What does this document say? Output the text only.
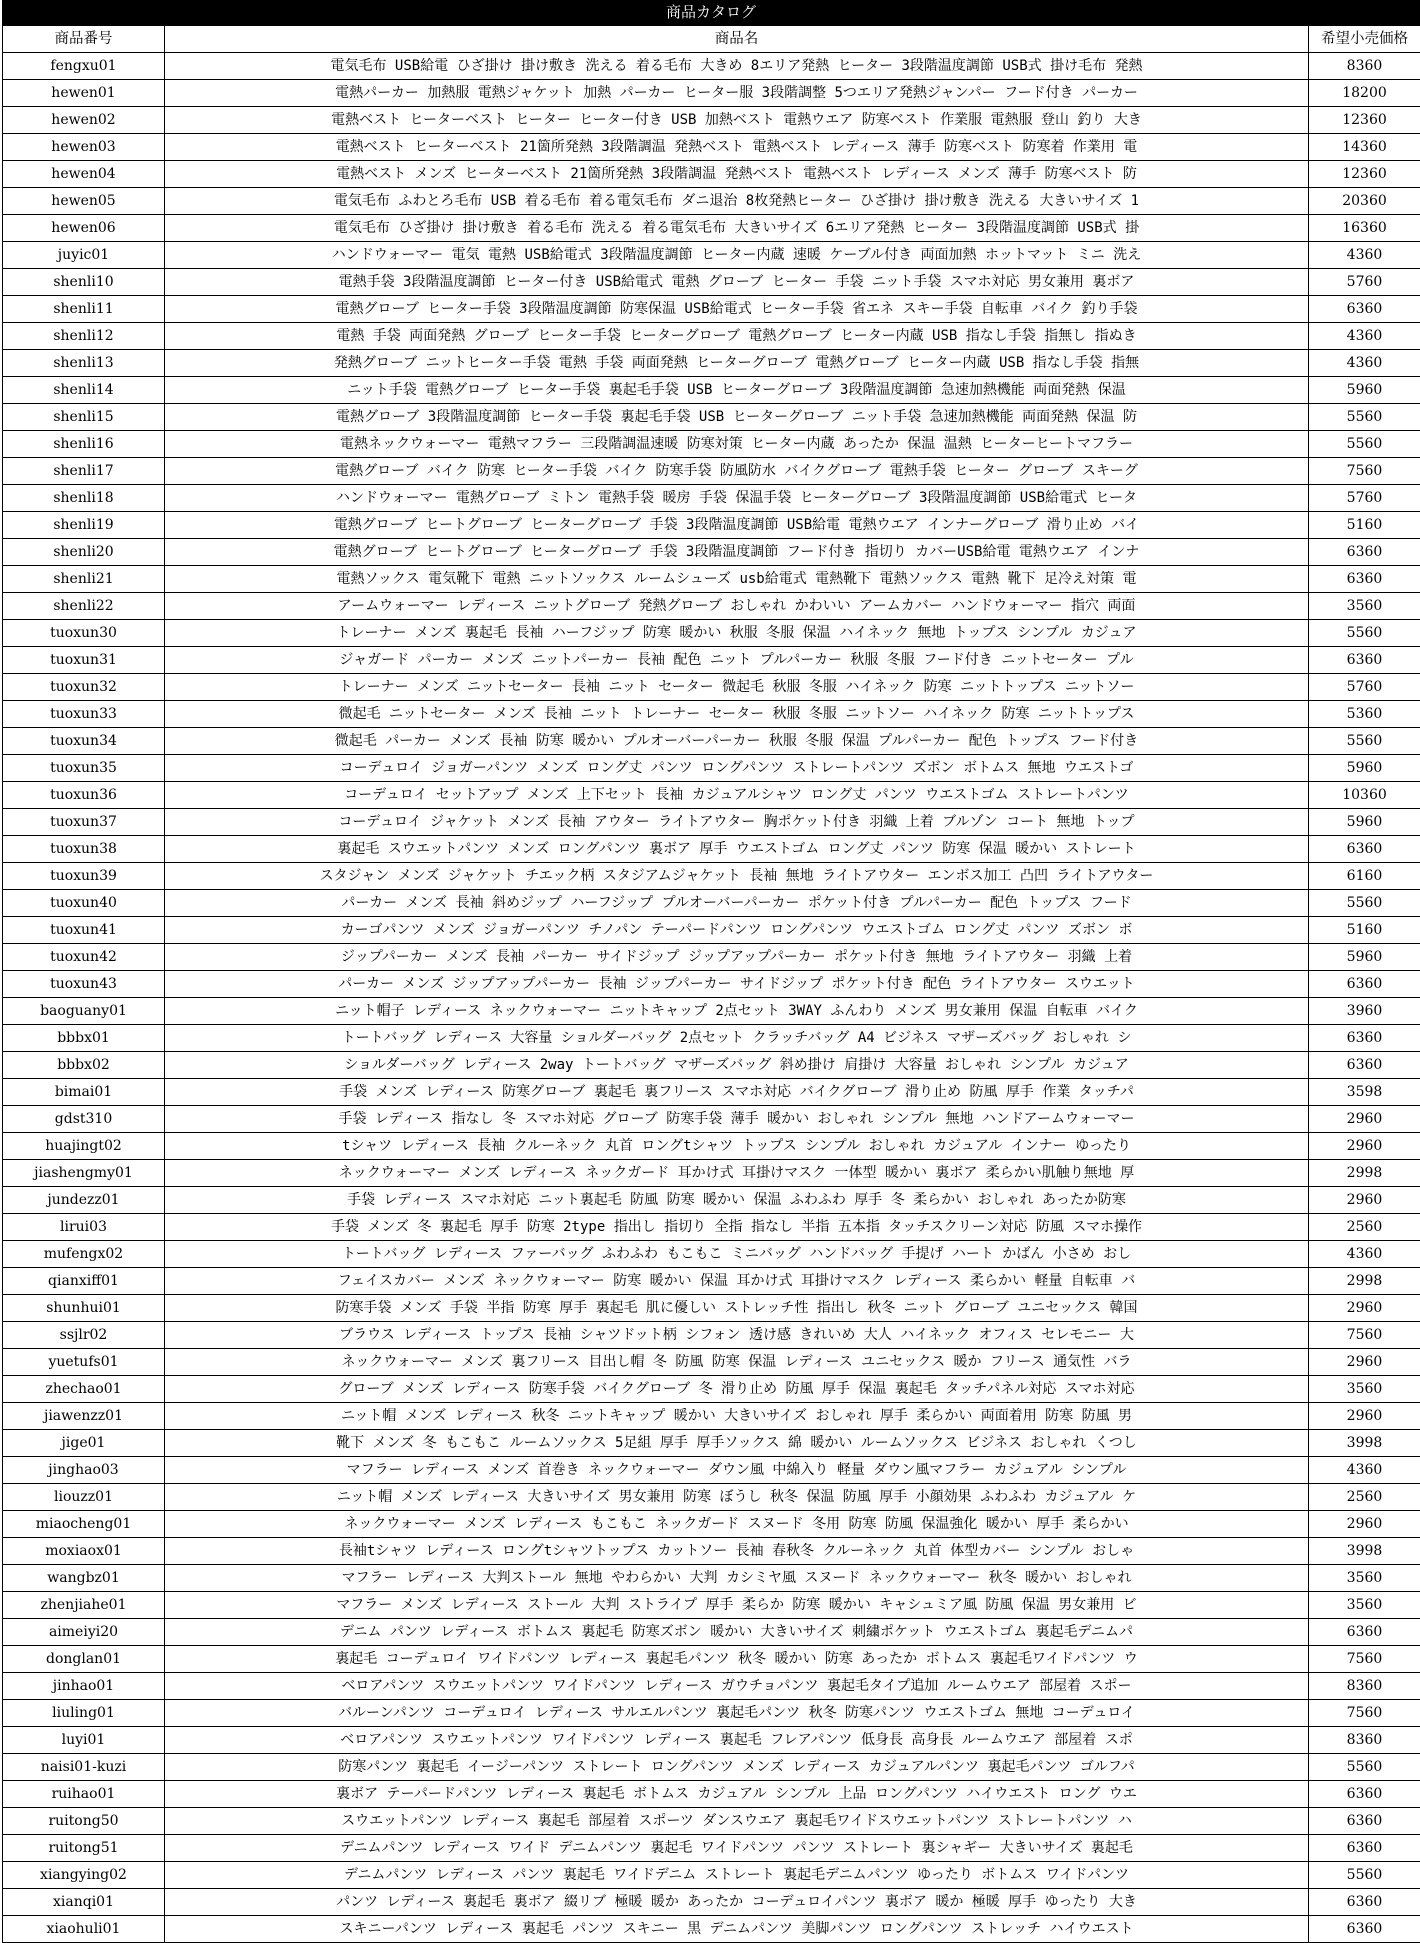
商品カタログ
商品番号	商品名	希望小売価格
fengxu01	電気毛布 USB給電 ひざ掛け 掛け敷き 洗える 着る毛布 大きめ 8エリア発熱 ヒーター 3段階温度調節 USB式 掛け毛布 発熱	8360
hewen01	電熱パーカー 加熱服 電熱ジャケット 加熱 パーカー ヒーター服 3段階調整 5つエリア発熱ジャンパー フード付き パーカー	18200
hewen02	電熱ベスト ヒーターベスト ヒーター ヒーター付き USB 加熱ベスト 電熱ウエア 防寒ベスト 作業服 電熱服 登山 釣り 大き	12360
hewen03	電熱ベスト ヒーターベスト 21箇所発熱 3段階調温 発熱ベスト 電熱ベスト レディース 薄手 防寒ベスト 防寒着 作業用 電	14360
hewen04	電熱ベスト メンズ ヒーターベスト 21箇所発熱 3段階調温 発熱ベスト 電熱ベスト レディース メンズ 薄手 防寒ベスト 防	12360
hewen05	電気毛布 ふわとろ毛布 USB 着る毛布 着る電気毛布 ダニ退治 8枚発熱ヒーター ひざ掛け 掛け敷き 洗える 大きいサイズ 1	20360
hewen06	電気毛布 ひざ掛け 掛け敷き 着る毛布 洗える 着る電気毛布 大きいサイズ 6エリア発熱 ヒーター 3段階温度調節 USB式 掛	16360
juyic01	ハンドウォーマー 電気 電熱 USB給電式 3段階温度調節 ヒーター内蔵 速暖 ケーブル付き 両面加熱 ホットマット ミニ 洗え	4360
shenli10	電熱手袋 3段階温度調節 ヒーター付き USB給電式 電熱 グローブ ヒーター 手袋 ニット手袋 スマホ対応 男女兼用 裏ボア	5760
shenli11	電熱グローブ ヒーター手袋 3段階温度調節 防寒保温 USB給電式 ヒーター手袋 省エネ スキー手袋 自転車 バイク 釣り手袋	6360
shenli12	電熱 手袋 両面発熱 グローブ ヒーター手袋 ヒーターグローブ 電熱グローブ ヒーター内蔵 USB 指なし手袋 指無し 指ぬき	4360
shenli13	発熱グローブ ニットヒーター手袋 電熱 手袋 両面発熱 ヒーターグローブ 電熱グローブ ヒーター内蔵 USB 指なし手袋 指無	4360
shenli14	ニット手袋 電熱グローブ ヒーター手袋 裏起毛手袋 USB ヒーターグローブ 3段階温度調節 急速加熱機能 両面発熱 保温	5960
shenli15	電熱グローブ 3段階温度調節 ヒーター手袋 裏起毛手袋 USB ヒーターグローブ ニット手袋 急速加熱機能 両面発熱 保温 防	5560
shenli16	電熱ネックウォーマー 電熱マフラー 三段階調温速暖 防寒対策 ヒーター内蔵 あったか 保温 温熱 ヒーターヒートマフラー	5560
shenli17	電熱グローブ バイク 防寒 ヒーター手袋 バイク 防寒手袋 防風防水 バイクグローブ 電熱手袋 ヒーター グローブ スキーグ	7560
shenli18	ハンドウォーマー 電熱グローブ ミトン 電熱手袋 暖房 手袋 保温手袋 ヒーターグローブ 3段階温度調節 USB給電式 ヒータ	5760
shenli19	電熱グローブ ヒートグローブ ヒーターグローブ 手袋 3段階温度調節 USB給電 電熱ウエア インナーグローブ 滑り止め バイ	5160
shenli20	電熱グローブ ヒートグローブ ヒーターグローブ 手袋 3段階温度調節 フード付き 指切り カバーUSB給電 電熱ウエア インナ	6360
shenli21	電熱ソックス 電気靴下 電熱 ニットソックス ルームシューズ usb給電式 電熱靴下 電熱ソックス 電熱 靴下 足冷え対策 電	6360
shenli22	アームウォーマー レディース ニットグローブ 発熱グローブ おしゃれ かわいい アームカバー ハンドウォーマー 指穴 両面	3560
tuoxun30	トレーナー メンズ 裏起毛 長袖 ハーフジップ 防寒 暖かい 秋服 冬服 保温 ハイネック 無地 トップス シンプル カジュア	5560
tuoxun31	ジャガード パーカー メンズ ニットパーカー 長袖 配色 ニット プルパーカー 秋服 冬服 フード付き ニットセーター プル	6360
tuoxun32	トレーナー メンズ ニットセーター 長袖 ニット セーター 微起毛 秋服 冬服 ハイネック 防寒 ニットトップス ニットソー	5760
tuoxun33	微起毛 ニットセーター メンズ 長袖 ニット トレーナー セーター 秋服 冬服 ニットソー ハイネック 防寒 ニットトップス	5360
tuoxun34	微起毛 パーカー メンズ 長袖 防寒 暖かい プルオーバーパーカー 秋服 冬服 保温 プルパーカー 配色 トップス フード付き	5560
tuoxun35	コーデュロイ ジョガーパンツ メンズ ロング丈 パンツ ロングパンツ ストレートパンツ ズボン ボトムス 無地 ウエストゴ	5960
tuoxun36	コーデュロイ セットアップ メンズ 上下セット 長袖 カジュアルシャツ ロング丈 パンツ ウエストゴム ストレートパンツ	10360
tuoxun37	コーデュロイ ジャケット メンズ 長袖 アウター ライトアウター 胸ポケット付き 羽織 上着 ブルゾン コート 無地 トップ	5960
tuoxun38	裏起毛 スウエットパンツ メンズ ロングパンツ 裏ボア 厚手 ウエストゴム ロング丈 パンツ 防寒 保温 暖かい ストレート	6360
tuoxun39	スタジャン メンズ ジャケット チエック柄 スタジアムジャケット 長袖 無地 ライトアウター エンボス加工 凸凹 ライトアウター	6160
tuoxun40	パーカー メンズ 長袖 斜めジップ ハーフジップ プルオーバーパーカー ポケット付き プルパーカー 配色 トップス フード	5560
tuoxun41	カーゴパンツ メンズ ジョガーパンツ チノパン テーパードパンツ ロングパンツ ウエストゴム ロング丈 パンツ ズボン ボ	5160
tuoxun42	ジップパーカー メンズ 長袖 パーカー サイドジップ ジップアップパーカー ポケット付き 無地 ライトアウター 羽織 上着	5960
tuoxun43	パーカー メンズ ジップアップパーカー 長袖 ジップパーカー サイドジップ ポケット付き 配色 ライトアウター スウエット	6360
baoguany01	ニット帽子 レディース ネックウォーマー ニットキャップ 2点セット 3WAY ふんわり メンズ 男女兼用 保温 自転車 バイク	3960
bbbx01	トートバッグ レディース 大容量 ショルダーバッグ 2点セット クラッチバッグ A4 ビジネス マザーズバッグ おしゃれ シ	6360
bbbx02	ショルダーバッグ レディース 2way トートバッグ マザーズバッグ 斜め掛け 肩掛け 大容量 おしゃれ シンプル カジュア	6360
bimai01	手袋 メンズ レディース 防寒グローブ 裏起毛 裏フリース スマホ対応 バイクグローブ 滑り止め 防風 厚手 作業 タッチパ	3598
gdst310	手袋 レディース 指なし 冬 スマホ対応 グローブ 防寒手袋 薄手 暖かい おしゃれ シンプル 無地 ハンドアームウォーマー	2960
huajingt02	tシャツ レディース 長袖 クルーネック 丸首 ロングtシャツ トップス シンプル おしゃれ カジュアル インナー ゆったり	2960
jiashengmy01	ネックウォーマー メンズ レディース ネックガード 耳かけ式 耳掛けマスク 一体型 暖かい 裏ボア 柔らかい肌触り無地 厚	2998
jundezz01	手袋 レディース スマホ対応 ニット裏起毛 防風 防寒 暖かい 保温 ふわふわ 厚手 冬 柔らかい おしゃれ あったか防寒	2960
lirui03	手袋 メンズ 冬 裏起毛 厚手 防寒 2type 指出し 指切り 全指 指なし 半指 五本指 タッチスクリーン対応 防風 スマホ操作	2560
mufengx02	トートバッグ レディース ファーバッグ ふわふわ もこもこ ミニバッグ ハンドバッグ 手提げ ハート かばん 小さめ おし	4360
qianxiff01	フェイスカバー メンズ ネックウォーマー 防寒 暖かい 保温 耳かけ式 耳掛けマスク レディース 柔らかい 軽量 自転車 バ	2998
shunhui01	防寒手袋 メンズ 手袋 半指 防寒 厚手 裏起毛 肌に優しい ストレッチ性 指出し 秋冬 ニット グローブ ユニセックス 韓国	2960
ssjlr02	ブラウス レディース トップス 長袖 シャツドット柄 シフォン 透け感 きれいめ 大人 ハイネック オフィス セレモニー 大	7560
yuetufs01	ネックウォーマー メンズ 裏フリース 目出し帽 冬 防風 防寒 保温 レディース ユニセックス 暖か フリース 通気性 バラ	2960
zhechao01	グローブ メンズ レディース 防寒手袋 バイクグローブ 冬 滑り止め 防風 厚手 保温 裏起毛 タッチパネル対応 スマホ対応	3560
jiawenzz01	ニット帽 メンズ レディース 秋冬 ニットキャップ 暖かい 大きいサイズ おしゃれ 厚手 柔らかい 両面着用 防寒 防風 男	2960
jige01	靴下 メンズ 冬 もこもこ ルームソックス 5足組 厚手 厚手ソックス 綿 暖かい ルームソックス ビジネス おしゃれ くつし	3998
jinghao03	マフラー レディース メンズ 首巻き ネックウォーマー ダウン風 中綿入り 軽量 ダウン風マフラー カジュアル シンプル	4360
liouzz01	ニット帽 メンズ レディース 大きいサイズ 男女兼用 防寒 ぼうし 秋冬 保温 防風 厚手 小顔効果 ふわふわ カジュアル ケ	2560
miaocheng01	ネックウォーマー メンズ レディース もこもこ ネックガード スヌード 冬用 防寒 防風 保温強化 暖かい 厚手 柔らかい	2960
moxiaox01	長袖tシャツ レディース ロングtシャツトップス カットソー 長袖 春秋冬 クルーネック 丸首 体型カバー シンプル おしゃ	3998
wangbz01	マフラー レディース 大判ストール 無地 やわらかい 大判 カシミヤ風 スヌード ネックウォーマー 秋冬 暖かい おしゃれ	3560
zhenjiahe01	マフラー メンズ レディース ストール 大判 ストライプ 厚手 柔らか 防寒 暖かい キャシュミア風 防風 保温 男女兼用 ビ	3560
aimeiyi20	デニム パンツ レディース ボトムス 裏起毛 防寒ズボン 暖かい 大きいサイズ 刺繍ポケット ウエストゴム 裏起毛デニムパ	6360
donglan01	裏起毛 コーデュロイ ワイドパンツ レディース 裏起毛パンツ 秋冬 暖かい 防寒 あったか ボトムス 裏起毛ワイドパンツ ウ	7560
jinhao01	ベロアパンツ スウエットパンツ ワイドパンツ レディース ガウチョパンツ 裏起毛タイプ追加 ルームウエア 部屋着 スポー	8360
liuling01	バルーンパンツ コーデュロイ レディース サルエルパンツ 裏起毛パンツ 秋冬 防寒パンツ ウエストゴム 無地 コーデュロイ	7560
luyi01	ベロアパンツ スウエットパンツ ワイドパンツ レディース 裏起毛 フレアパンツ 低身長 高身長 ルームウエア 部屋着 スポ	8360
naisi01-kuzi	防寒パンツ 裏起毛 イージーパンツ ストレート ロングパンツ メンズ レディース カジュアルパンツ 裏起毛パンツ ゴルフパ	5560
ruihao01	裏ボア テーパードパンツ レディース 裏起毛 ボトムス カジュアル シンプル 上品 ロングパンツ ハイウエスト ロング ウエ	6360
ruitong50	スウエットパンツ レディース 裏起毛 部屋着 スポーツ ダンスウエア 裏起毛ワイドスウエットパンツ ストレートパンツ ハ	6360
ruitong51	デニムパンツ レディース ワイド デニムパンツ 裏起毛 ワイドパンツ パンツ ストレート 裏シャギー 大きいサイズ 裏起毛	6360
xiangying02	デニムパンツ レディース パンツ 裏起毛 ワイドデニム ストレート 裏起毛デニムパンツ ゆったり ボトムス ワイドパンツ	5560
xianqi01	パンツ レディース 裏起毛 裏ボア 綴リブ 極暖 暖か あったか コーデュロイパンツ 裏ボア 暖か 極暖 厚手 ゆったり 大き	6360
xiaohuli01	スキニーパンツ レディース 裏起毛 パンツ スキニー 黒 デニムパンツ 美脚パンツ ロングパンツ ストレッチ ハイウエスト	6360
